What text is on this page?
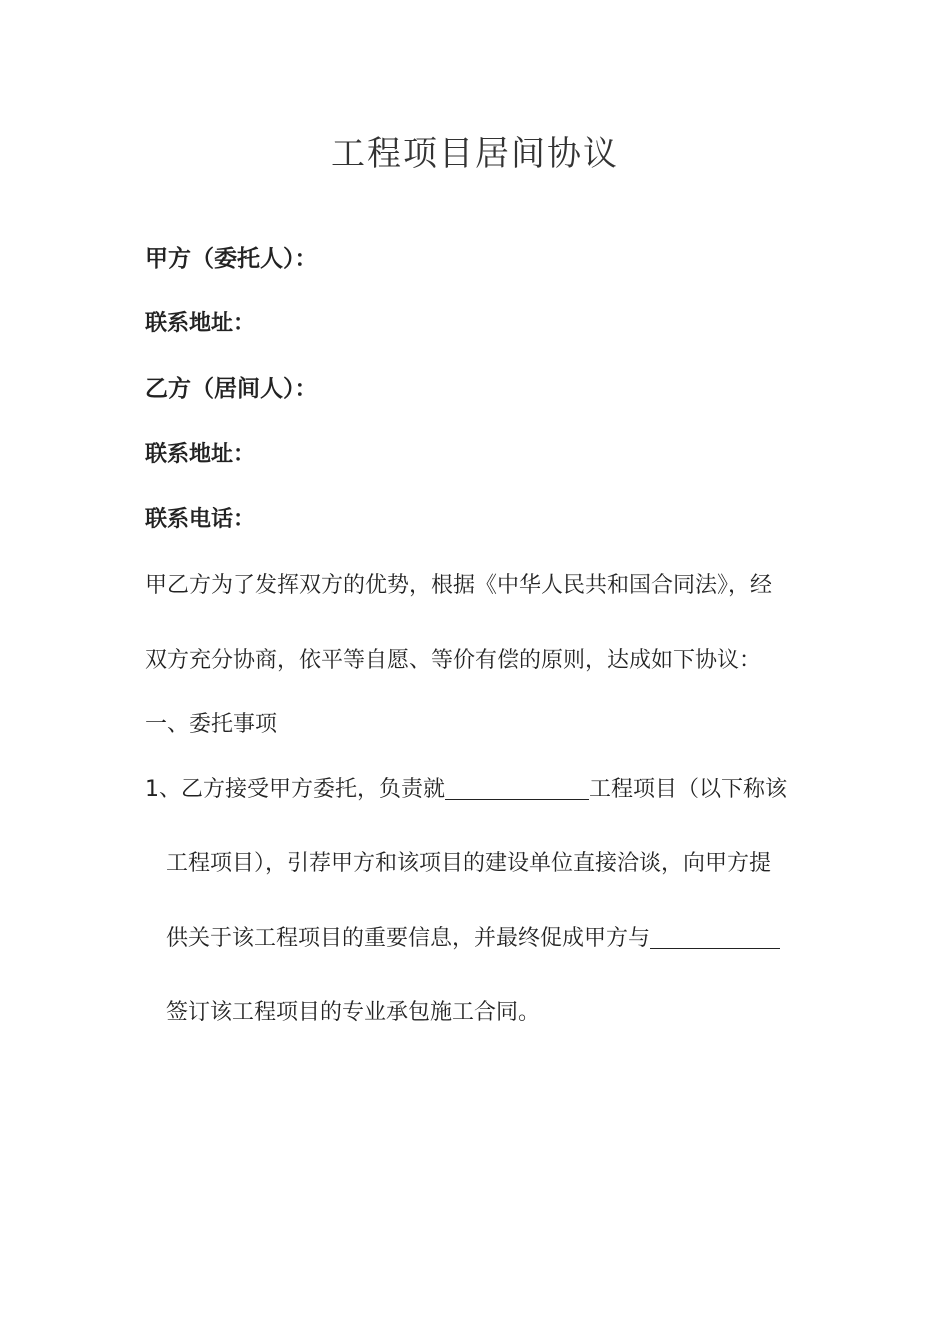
工程项目居间协议
甲方（委托人）：
联系地址：
乙方（居间人）：
联系地址：
联系电话：
甲乙方为了发挥双方的优势，根据《中华人民共和国合同法》，经
双方充分协商，依平等自愿、等价有偿的原则，达成如下协议：
一、委托事项
1、乙方接受甲方委托，负责就	工程项目（以下称该
工程项目），引荐甲方和该项目的建设单位直接洽谈，向甲方提
供关于该工程项目的重要信息，并最终促成甲方与
签订该工程项目的专业承包施工合同。
